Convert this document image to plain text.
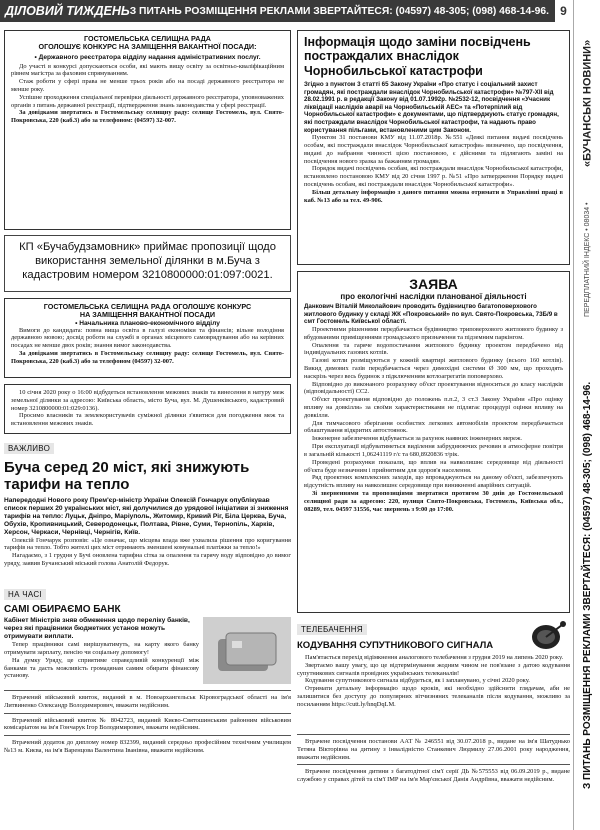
ДІЛОВИЙ ТИЖДЕНЬ З ПИТАНЬ РОЗМІЩЕННЯ РЕКЛАМИ ЗВЕРТАЙТЕСЯ: (04597) 48-305; (098) 468-14-96. 9
«БУЧАНСЬКІ НОВИНИ»
ПЕРЕДПЛАТНИЙ ІНДЕКС • 08034 •
З ПИТАНЬ РОЗМІЩЕННЯ РЕКЛАМИ ЗВЕРТАЙТЕСЯ: (04597) 48-305; (098) 468-14-96.
ГОСТОМЕЛЬСЬКА СЕЛИЩНА РАДА
ОГОЛОШУЄ КОНКУРС НА ЗАМІЩЕННЯ ВАКАНТНОЇ ПОСАДИ:
• Державного реєстратора відділу надання адміністративних послуг.

До участі в конкурсі допускаються особи, які мають вищу освіту за освітньо-кваліфікаційним рівнем магістра за фаховим спрямуванням.

Стаж роботи у сфері права не менше трьох років або на посаді державного реєстратора не менше року.

Успішне проходження спеціальної перевірки діяльності державного реєстратора, уповноважених органів з питань державної реєстрації, підтвердження знань законодавства у сфері реєстрації.

За довідками звертатись в Гостомельську селищну раду: селище Гостомель, вул. Свято-Покровська, 220 (каб.3) або за телефоном: (04597) 32-007.

КП «Бучабудзамовник» приймає пропозиції щодо використання земельної ділянки в м.Буча з кадастровим номером 3210800000:01:097:0021.
ГОСТОМЕЛЬСЬКА СЕЛИЩНА РАДА ОГОЛОШУЄ КОНКУРС
НА ЗАМІЩЕННЯ ВАКАНТНОЇ ПОСАДИ
• Начальника планово-економічного відділу

Вимоги до кандидата: повна вища освіта в галузі економіки та фінансів; вільне володіння державною мовою; досвід роботи на службі в органах місцевого самоврядування або на керівних посадах не менше двох років; знання вимог законодавства.

За довідками звертатись в Гостомельську селищну раду: селище Гостомель, вул. Свято-Покровська, 220 (каб.3) або за телефоном (04597) 32-007.

10 січня 2020 року о 16:00 відбудеться встановлення межових знаків та винесення в натуру меж земельної ділянки за адресою: Київська область, місто Буча, вул. М. Душенківського, кадастровий номер 3210800000:01:029:0136).

Просимо власників та землекористувачів суміжної ділянки з'явитися для погодження меж та встановлення межових знаків.

ВАЖЛИВО
Буча серед 20 міст, які знижують тарифи на тепло

Напередодні Нового року Прем'єр-міністр України Олексій Гончарук опублікував список перших 20 українських міст, які долучилися до урядової ініціативи зі зниження тарифів на тепло: Луцьк, Дніпро, Маріуполь, Житомир, Кривий Ріг, Біла Церква, Буча, Обухів, Кропивницький, Северодонецьк, Полтава, Рівне, Суми, Тернопіль, Харків, Херсон, Черкаси, Чернівці, Чернігів, Київ.

Олексій Гончарук розповів: «Це означає, що місцева влада вже ухвалила рішення про коригування тарифів на тепло. Тобто жителі цих міст отримають зменшені комунальні платіжки за тепло!»

Нагадаємо, з 1 грудня у Бучі оновлена тарифна сітка за опалення та гарячу воду відповідно до вимог уряду, заявив Бучанський міський голова Анатолій Федорук.

НА ЧАСІ
САМІ ОБИРАЄМО БАНК

Кабінет Міністрів зняв обмеження щодо переліку банків, через які працівники бюджетних установ можуть отримувати виплати.

Тепер працівники самі вирішуватимуть, на карту якого банку отримувати зарплату, пенсію чи соціальну допомогу!

На думку Уряду, це сприятиме справедливій конкуренції між банками та дасть можливість громадянам самим обирати фінансову установу.

Втрачений військовий квиток, виданий в м. Новоархангельськ Кіровоградської області на ім'я Литвиненко Олександр Володимирович, вважати недійсним.

Втрачений військовий квиток № 8042723, виданий Києво-Святошинським районним військовим комісаріатом на ім'я Гончарук Ігор Володимирович, вважати недійсним.

Втрачений додаток до диплому номер 832399, виданий середньо професійним технічним училищем №13 м. Києва, на ім'я Варенцова Валентина Іванівна, вважати недійсним.

Інформація щодо заміни посвідчень постраждалих внаслідок Чорнобильської катастрофи

Згідно з пунктом 3 статті 65 Закону України «Про статус і соціальний захист громадян, які постраждали внаслідок Чорнобильської катастрофи» №797-XII від 28.02.1991 р. в редакції Закону від 01.07.1992р. №2532-12, посвідчення «Учасник ліквідації наслідків аварії на Чорнобильській АЕС» та «Потерпілий від Чорнобильської катастрофи» є документами, що підтверджують статус громадян, які постраждали внаслідок Чорнобильської катастрофи, та надають право користування пільгами, встановленими цим Законом.

Пунктом 31 постанови КМУ від 11.07.2018р. №551 «Деякі питання видачі посвідчень особам, які постраждали внаслідок Чорнобильської катастрофи» визначено, що посвідчення, видані до набрання чинності цією постановою, є дійсними та підлягають заміні на посвідчення нового зразка за бажанням громадян.

Порядок видачі посвідчень особам, які постраждали внаслідок Чорнобильської катастрофи, встановлено постановою КМУ від 20 січня 1997 р. №51 «Про затвердження Порядку видачі посвідчень особам, які постраждали внаслідок Чорнобильської катастрофи».

Більш детальну інформацію з даного питання можна отримати в Управлінні праці в каб. №13 або за тел. 49-906.

ЗАЯВА
про екологічні наслідки планованої діяльності

Данкович Віталій Миколайович проводить будівництво багатоповерхового житлового будинку у складі ЖК «Покровський» по вул. Свято-Покровська, 73Б/9 в смт Гостомель Київської області.

Проектними рішеннями передбачається будівництво триповерхового житлового будинку з вбудованими приміщеннями громадського призначення та підземним паркінгом.

Опалення та гаряче водопостачання житлового будинку проектом передбачено від індивідуальних газових котлів.

Газові котли розміщуються у кожній квартирі житлового будинку (всього 160 котлів). Викид димових газів передбачається через димохідні системи Ø 300 мм, що проходять наскрізь через весь будинок з підключенням котлоагрегатів поповерхово.

Відповідно до виконаного розрахунку об'єкт проектування відноситься до класу наслідків (відповідальності) СС2.

Об'єкт проектування відповідно до положень п.п.2, 3 ст.3 Закону України «Про оцінку впливу на довкілля» за своїми характеристиками не підлягає процедурі оцінки впливу на довкілля.

Для тимчасового зберігання особистих легкових автомобілів проектом передбачається облаштування відкритих автостоянок.

Інженерне забезпечення відбувається за рахунок наявних інженерних мереж.

При експлуатації відбуватиметься виділення забруднюючих речовин в атмосферне повітря в загальній кількості 1,06241119 г/с та 680,8920836 т/рік.

Проведені розрахунки показали, що вплив на навколишнє середовище від діяльності об'єкта буде незначним і прийнятним для здоров'я населення.

Ряд проектних комплексних заходів, що впроваджуються на даному об'єкті, забезпечують відсутність впливу на навколишнє середовище при виникненні аварійних ситуацій.

Зі зверненнями та пропозиціями звертатися протягом 30 днів до Гостомельської селищної ради за адресою: 220, вулиця Свято-Покровська, Гостомель, Київська обл., 08289, тел. 04597 31556, час звернень з 9:00 до 17:00.

ТЕЛЕБАЧЕННЯ
КОДУВАННЯ СУПУТНИКОВОГО СИГНАЛА

Пам'ятається перехід відімкнення аналогового телебачення з грудня 2019 на липень 2020 року.

Звертаємо вашу увагу, що це відтермінування жодним чином не пов'язане з датою кодування супутникових сигналів провідних українських телеканалів!

Кодування супутникового сигнала відбудеться, як і запланувано, у січні 2020 року.

Отримати детальну інформацію щодо кроків, які необхідно здійснити глядачам, аби не залишитися без доступу до популярних вітчизняних телеканалів після кодування, можливо за посиланням https://cutt.ly/hnqDqLM.

Втрачене посвідчення постанови ААТ № 246551 від 30.07.2018 р., видане на ім'я Шатуднько Тетяна Вікторівна на дитину з інвалідністю Станкевич Людмилу 27.06.2001 року народження, вважати недійсним.

Втрачене посвідчення дитини з багатодітної сім'ї серії ДЬ №575553 від 06.09.2019 р., видане службою у справах дітей та сім'ї ІМР на ім'я Мар'євської Данія Андріївна, вважати недійсним.
